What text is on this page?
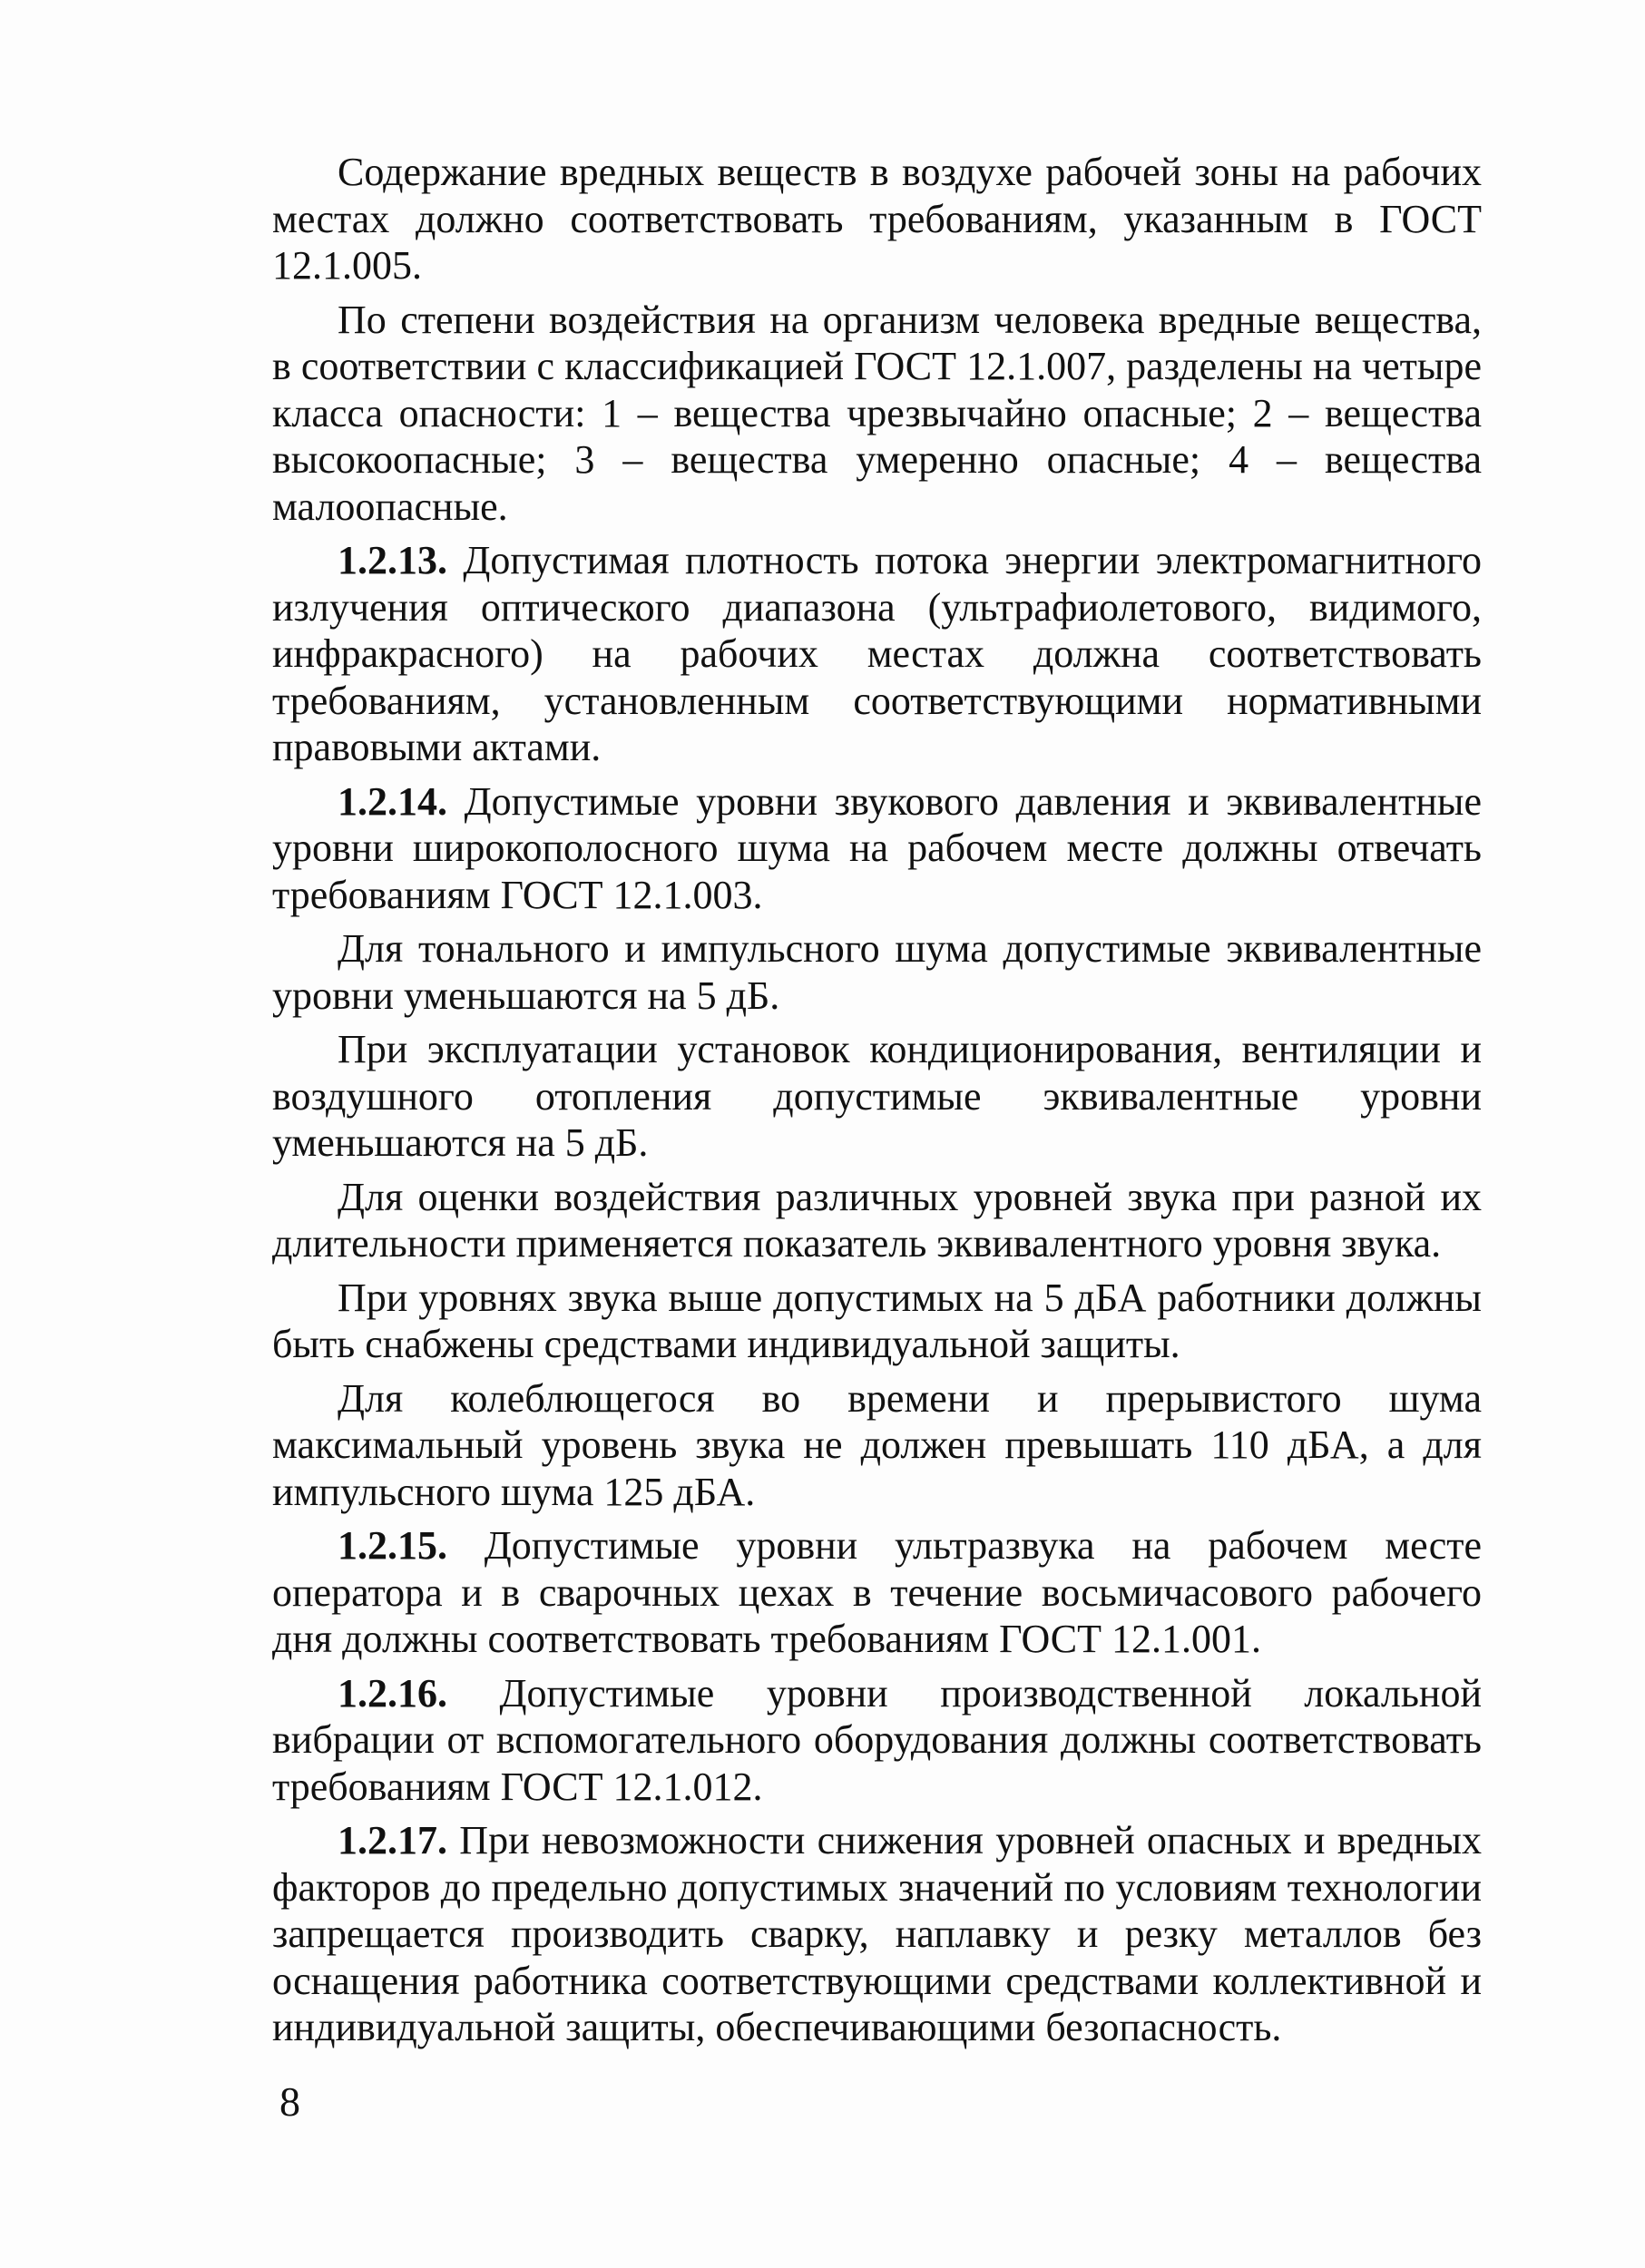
Содержание вредных веществ в воздухе рабочей зоны на рабочих местах должно соответствовать требованиям, указанным в ГОСТ 12.1.005.

По степени воздействия на организм человека вредные вещества, в соответствии с классификацией ГОСТ 12.1.007, разделены на четыре класса опасности: 1 – вещества чрезвычайно опасные; 2 – вещества высокоопасные; 3 – вещества умеренно опасные; 4 – вещества малоопасные.

1.2.13. Допустимая плотность потока энергии электромагнитного излучения оптического диапазона (ультрафиолетового, видимого, инфракрасного) на рабочих местах должна соответствовать требованиям, установленным соответствующими нормативными правовыми актами.

1.2.14. Допустимые уровни звукового давления и эквивалентные уровни широкополосного шума на рабочем месте должны отвечать требованиям ГОСТ 12.1.003.

Для тонального и импульсного шума допустимые эквивалентные уровни уменьшаются на 5 дБ.

При эксплуатации установок кондиционирования, вентиляции и воздушного отопления допустимые эквивалентные уровни уменьшаются на 5 дБ.

Для оценки воздействия различных уровней звука при разной их длительности применяется показатель эквивалентного уровня звука.

При уровнях звука выше допустимых на 5 дБА работники должны быть снабжены средствами индивидуальной защиты.

Для колеблющегося во времени и прерывистого шума максимальный уровень звука не должен превышать 110 дБА, а для импульсного шума 125 дБА.

1.2.15. Допустимые уровни ультразвука на рабочем месте оператора и в сварочных цехах в течение восьмичасового рабочего дня должны соответствовать требованиям ГОСТ 12.1.001.

1.2.16. Допустимые уровни производственной локальной вибрации от вспомогательного оборудования должны соответствовать требованиям ГОСТ 12.1.012.

1.2.17. При невозможности снижения уровней опасных и вредных факторов до предельно допустимых значений по условиям технологии запрещается производить сварку, наплавку и резку металлов без оснащения работника соответствующими средствами коллективной и индивидуальной защиты, обеспечивающими безопасность.

8
